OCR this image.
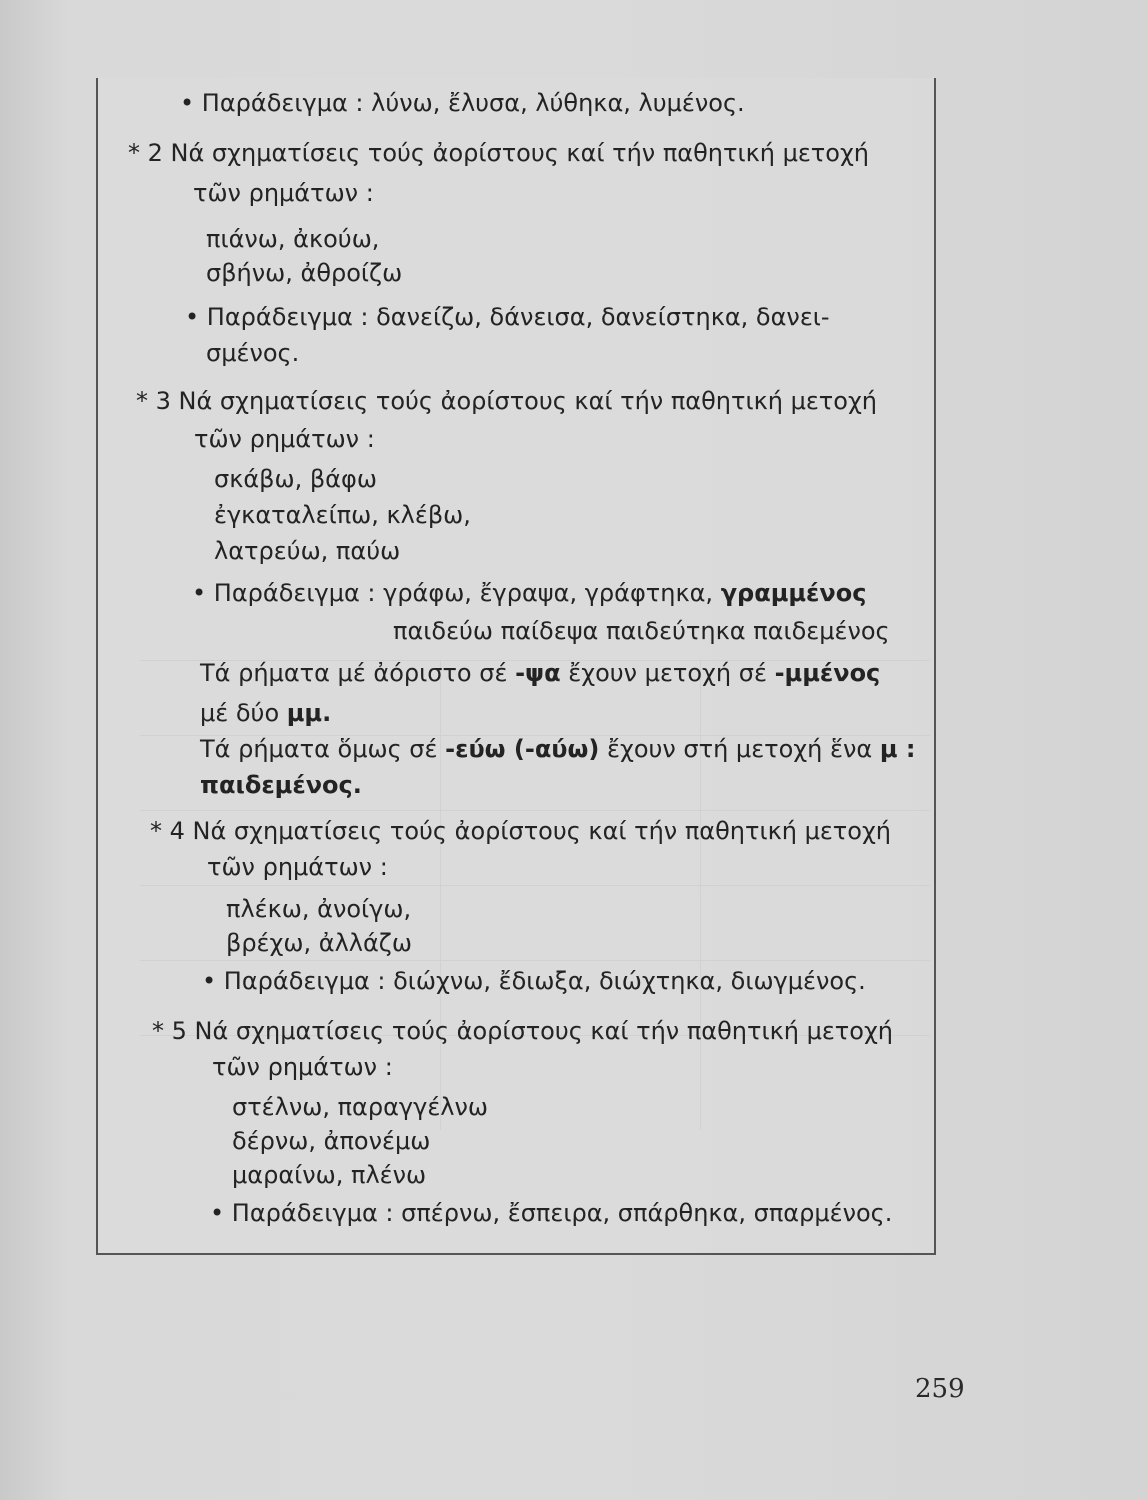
• Παράδειγμα : λύνω, ἔλυσα, λύθηκα, λυμένος.
* 2 Νά σχηματίσεις τούς ἀορίστους καί τήν παθητική μετοχή
τῶν ρημάτων :
πιάνω, ἀκούω,
σβήνω, ἀθροίζω
• Παράδειγμα : δανείζω, δάνεισα, δανείστηκα, δανει-
σμένος.
* 3 Νά σχηματίσεις τούς ἀορίστους καί τήν παθητική μετοχή
τῶν ρημάτων :
σκάβω, βάφω
ἐγκαταλείπω, κλέβω,
λατρεύω, παύω
• Παράδειγμα : γράφω, ἔγραψα, γράφτηκα, γραμμένος
παιδεύω παίδεψα παιδεύτηκα παιδεμένος
Τά ρήματα μέ ἀόριστο σέ -ψα ἔχουν μετοχή σέ -μμένος
μέ δύο μμ.
Τά ρήματα ὅμως σέ -εύω (-αύω) ἔχουν στή μετοχή ἕνα μ :
παιδεμένος.
* 4 Νά σχηματίσεις τούς ἀορίστους καί τήν παθητική μετοχή
τῶν ρημάτων :
πλέκω, ἀνοίγω,
βρέχω, ἀλλάζω
• Παράδειγμα : διώχνω, ἔδιωξα, διώχτηκα, διωγμένος.
* 5 Νά σχηματίσεις τούς ἀορίστους καί τήν παθητική μετοχή
τῶν ρημάτων :
στέλνω, παραγγέλνω
δέρνω, ἀπονέμω
μαραίνω, πλένω
• Παράδειγμα : σπέρνω, ἔσπειρα, σπάρθηκα, σπαρμένος.
259
